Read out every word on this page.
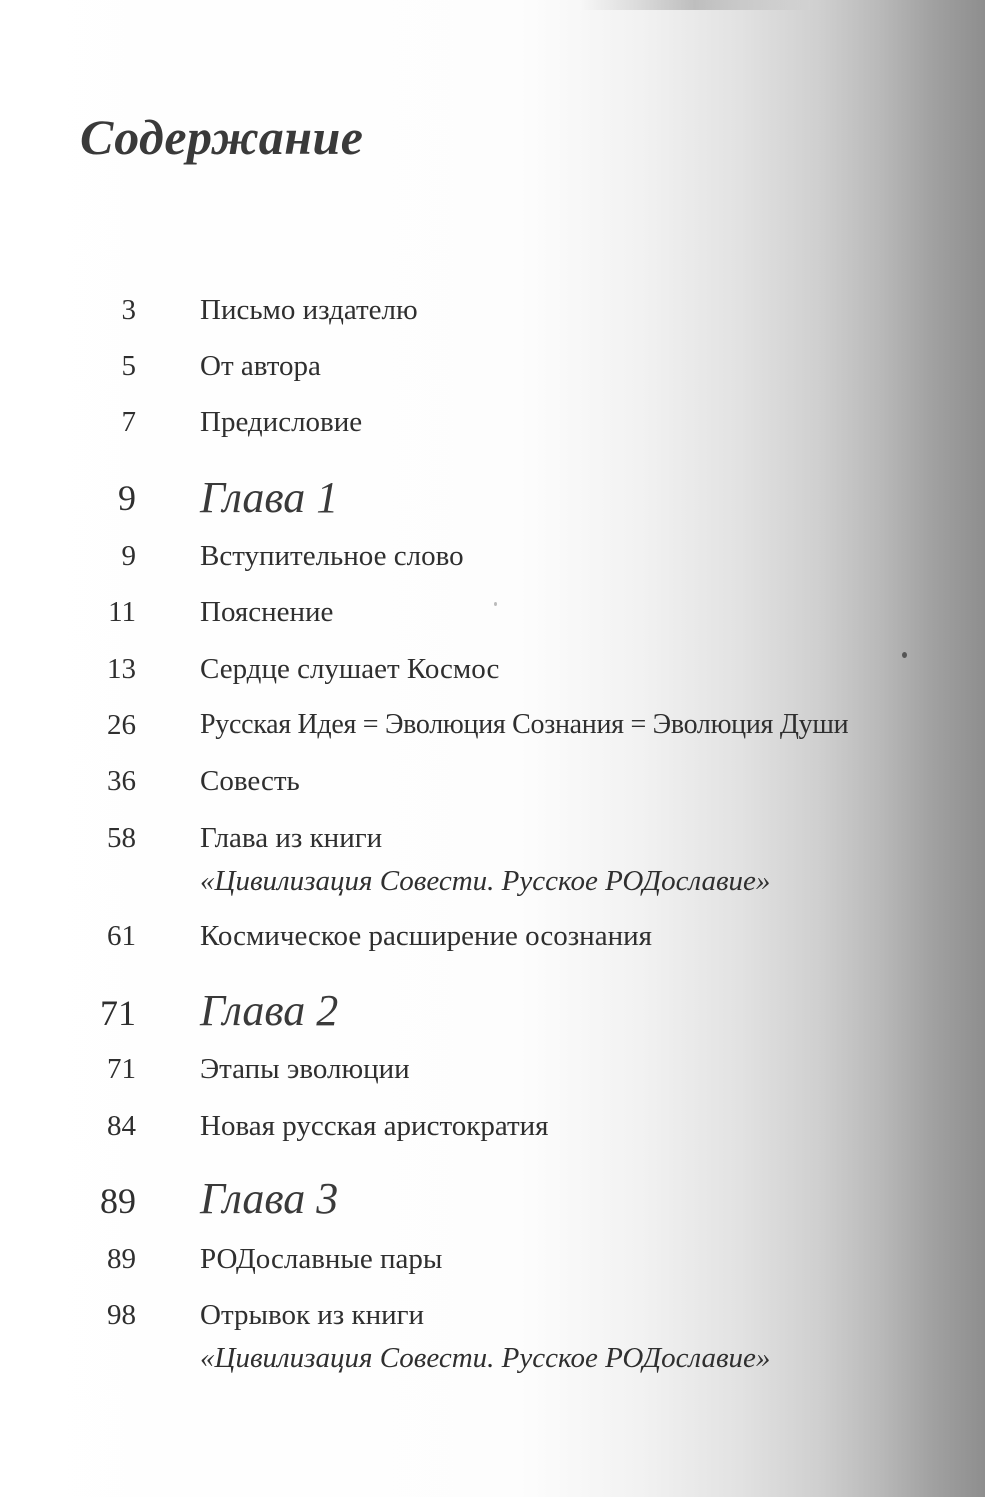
Содержание
3 Письмо издателю
5 От автора
7 Предисловие
9 Глава 1
9 Вступительное слово
11 Пояснение
13 Сердце слушает Космос
26 Русская Идея = Эволюция Сознания = Эволюция Души
36 Совесть
58 Глава из книги
«Цивилизация Совести. Русское РОДославие»
61 Космическое расширение осознания
71 Глава 2
71 Этапы эволюции
84 Новая русская аристократия
89 Глава 3
89 РОДославные пары
98 Отрывок из книги
«Цивилизация Совести. Русское РОДославие»
